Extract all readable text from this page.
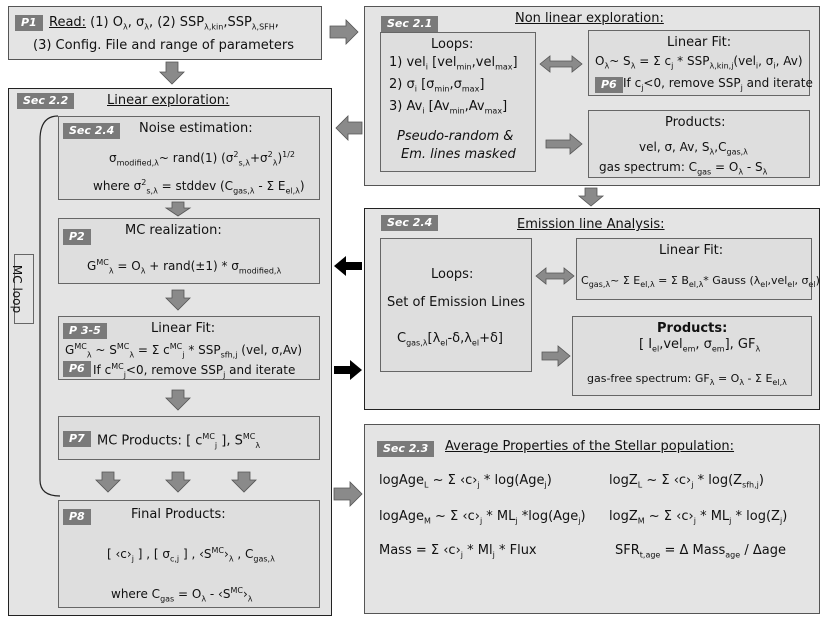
P1 Read: (1) $O_\lambda$, $\sigma_\lambda$, (2) $SSP_{\lambda,kin},SSP_{\lambda,SFH}$,
(3) Config. File and range of parameters
Sec 2.1	Non linear exploration:
Loops:
1) vel$_i$ [vel$_{min}$,vel$_{max}$]
2) $\sigma_i$ $[\sigma_{min},\sigma_{max}]$
3) $Av_i$ $[Av_{min},Av_{max}]$
Pseudo-random &
Em. lines masked
Linear Fit:
$O_\lambda\sim$ $S_\lambda = \Sigma$ $c_j * SSP_{\lambda,kin,j}(vel_i$, $\sigma_i$, Av)
P6 If $c_j<0$, remove $SSP_j$ and iterate
Products:
vel, σ, Av, $S_\lambda,C_{gas,\lambda}$
gas spectrum: $C_{gas} = O_\lambda - S_\lambda$
Sec 2.2	Linear exploration:
MC loop
Sec 2.4	Noise estimation:
$\sigma_{modified,\lambda}\sim$ rand(1) $(\sigma^2_{s,\lambda}+\sigma^2_\lambda)^{1/2}$
where $\sigma^2_{s,\lambda}$ = stddev ($C_{gas,\lambda}$ - Σ $E_{el,\lambda}$)
P2	MC realization:
$G^{MC}_\lambda = O_\lambda$ + rand(±1) * $\sigma_{modified,\lambda}$
P 3-5	Linear Fit:
$G^{MC}_\lambda$ ~ $S^{MC}_\lambda = \Sigma$ $c^{MC}_j * SSP_{sfh,j}$ (vel, σ,Av)
P6 If $c^{MC}_j<0$, remove $SSP_j$ and iterate
P7 MC Products: [ $c^{MC}_j$ ], $S^{MC}_\lambda$
P8	Final Products:
[ $‹c›_j$ ] , [ $\sigma_{c,j}$ ] , $‹S^{MC}›_\lambda$ , $C_{gas,\lambda}$
where $C_{gas} = O_\lambda$ - $‹S^{MC}›_\lambda$
Sec 2.4	Emission line Analysis:
Loops:
Set of Emission Lines
$C_{gas,\lambda}[\lambda_{el}-\delta,\lambda_{el}+\delta]$
Linear Fit:
$C_{gas,\lambda}\sim$ Σ $E_{el,\lambda} = \Sigma$ $B_{el,\lambda}*$ Gauss ($\lambda_{el},vel_{el}$, $\sigma_{el}$)
Products:
[ $I_{el},vel_{em}$, $\sigma_{em}$], $GF_\lambda$
gas-free spectrum: $GF_\lambda = O_\lambda - \Sigma$ $E_{el,\lambda}$
Sec 2.3	Average Properties of the Stellar population:
logAge$_L$ ~ Σ $‹c›_j * \log(Age_j)$	logZ$_L$ ~ Σ $‹c›_j * \log(Z_{sfh,j})$
logAge$_M$ ~ Σ $‹c›_j * ML_j$ *log(Age$_j$) logZ$_M$ ~ Σ $‹c›_j * ML_j * \log(Z_j)$
Mass = Σ $‹c›_j * Ml_j$ * Flux	$SFR_{t,age} = \Delta$ Mass$_{age}$ / Δage
